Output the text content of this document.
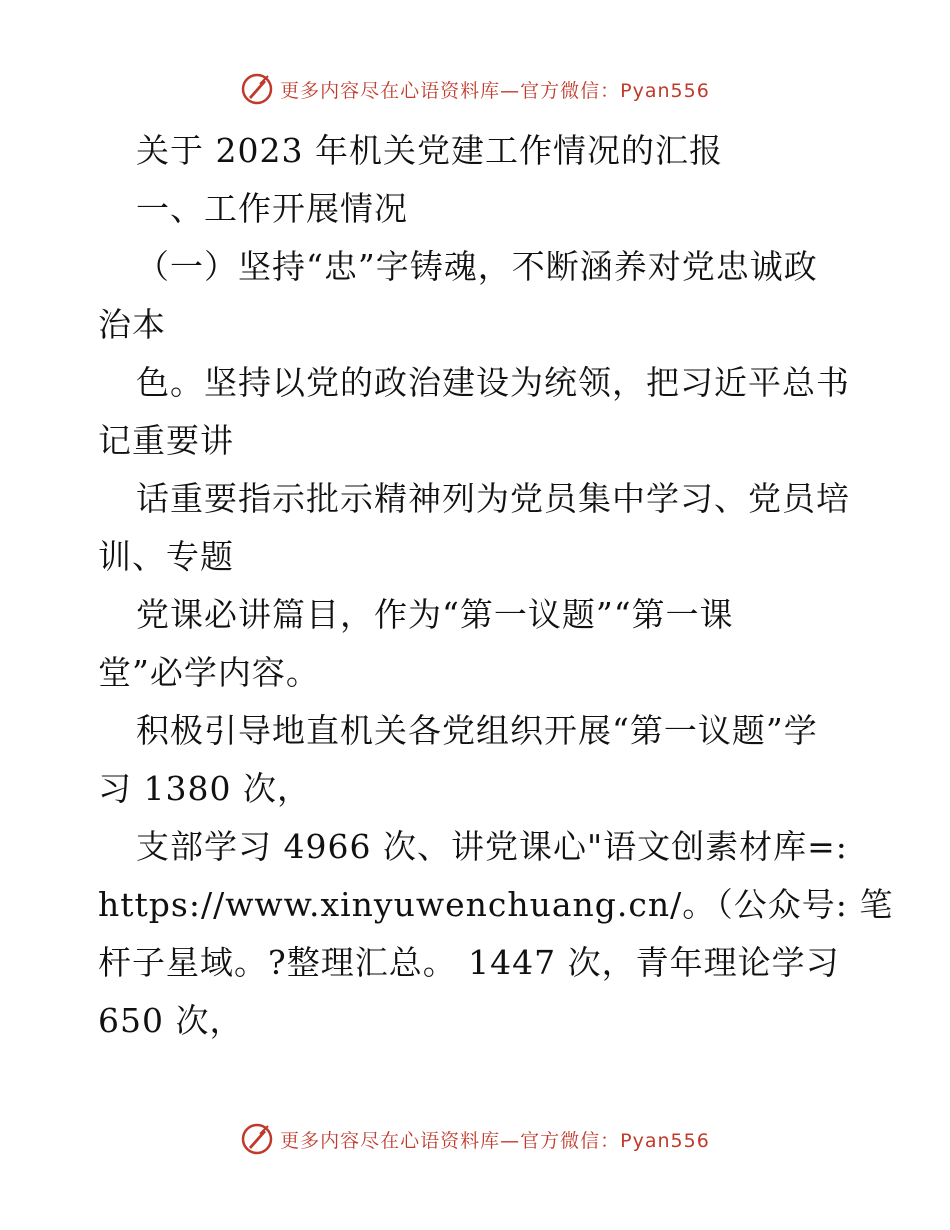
更多内容尽在心语资料库—官方微信：Pyan556
关于 2023 年机关党建工作情况的汇报
一、工作开展情况
（一）坚持“忠”字铸魂，不断涵养对党忠诚政
治本
色。坚持以党的政治建设为统领，把习近平总书
记重要讲
话重要指示批示精神列为党员集中学习、党员培
训、专题
党课必讲篇目，作为“第一议题”“第一课
堂”必学内容。
积极引导地直机关各党组织开展“第一议题”学
习 1380 次，
支部学习 4966 次、讲党课心"语文创素材库=:
https://www.xinyuwenchuang.cn/。（公众号: 笔
杆子星域。?整理汇总。 1447 次，青年理论学习
650 次，
更多内容尽在心语资料库—官方微信：Pyan556
